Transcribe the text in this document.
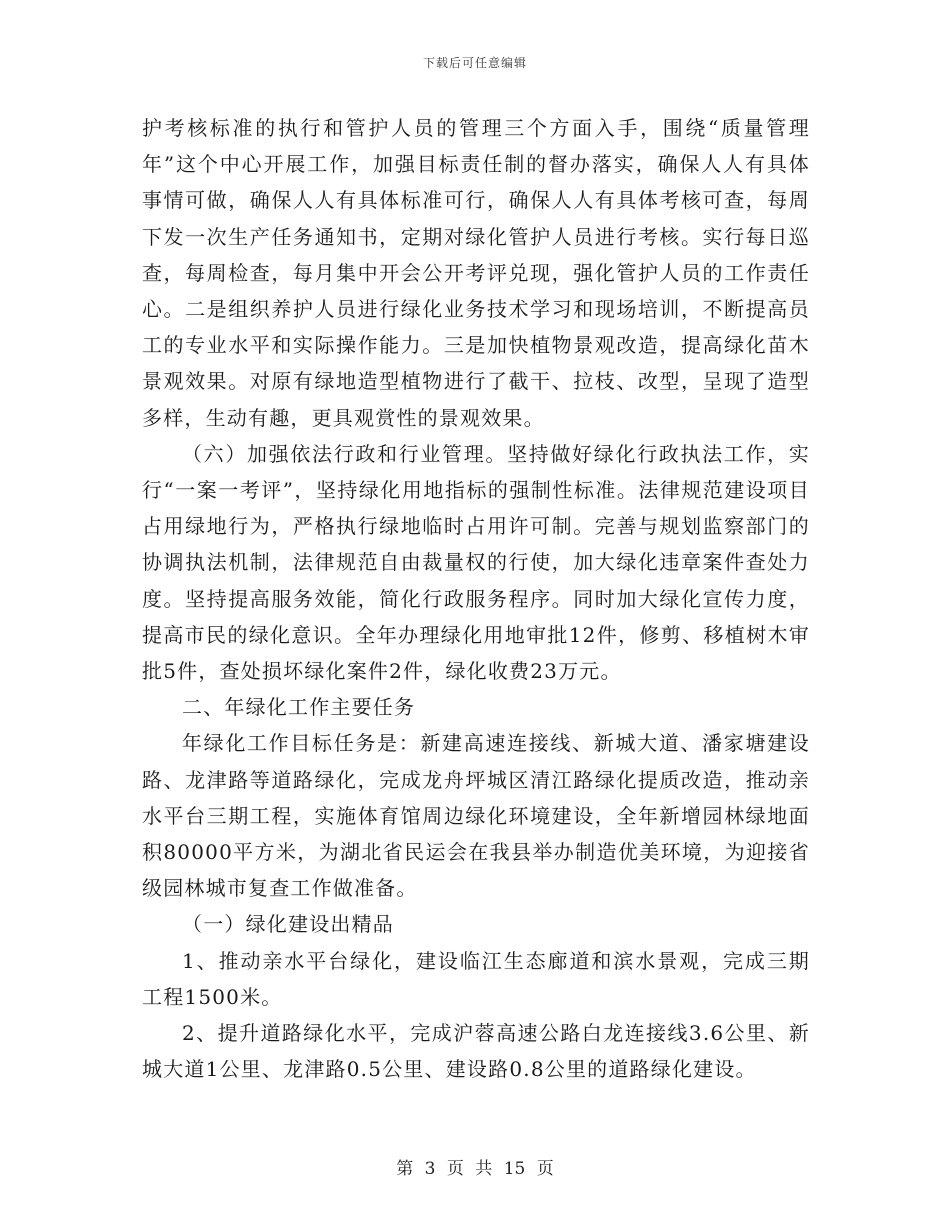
下载后可任意编辑

护考核标准的执行和管护人员的管理三个方面入手，围绕“质量管理年”这个中心开展工作，加强目标责任制的督办落实，确保人人有具体事情可做，确保人人有具体标准可行，确保人人有具体考核可查，每周下发一次生产任务通知书，定期对绿化管护人员进行考核。实行每日巡查，每周检查，每月集中开会公开考评兑现，强化管护人员的工作责任心。二是组织养护人员进行绿化业务技术学习和现场培训，不断提高员工的专业水平和实际操作能力。三是加快植物景观改造，提高绿化苗木景观效果。对原有绿地造型植物进行了截干、拉枝、改型，呈现了造型多样，生动有趣，更具观赏性的景观效果。

（六）加强依法行政和行业管理。坚持做好绿化行政执法工作，实行“一案一考评”，坚持绿化用地指标的强制性标准。法律规范建设项目占用绿地行为，严格执行绿地临时占用许可制。完善与规划监察部门的协调执法机制，法律规范自由裁量权的行使，加大绿化违章案件查处力度。坚持提高服务效能，简化行政服务程序。同时加大绿化宣传力度，提高市民的绿化意识。全年办理绿化用地审批12件，修剪、移植树木审批5件，查处损坏绿化案件2件，绿化收费23万元。

二、年绿化工作主要任务

年绿化工作目标任务是：新建高速连接线、新城大道、潘家塘建设路、龙津路等道路绿化，完成龙舟坪城区清江路绿化提质改造，推动亲水平台三期工程，实施体育馆周边绿化环境建设，全年新增园林绿地面积80000平方米，为湖北省民运会在我县举办制造优美环境，为迎接省级园林城市复查工作做准备。

（一）绿化建设出精品

1、推动亲水平台绿化，建设临江生态廊道和滨水景观，完成三期工程1500米。

2、提升道路绿化水平，完成沪蓉高速公路白龙连接线3.6公里、新城大道1公里、龙津路0.5公里、建设路0.8公里的道路绿化建设。

第 3 页 共 15 页
